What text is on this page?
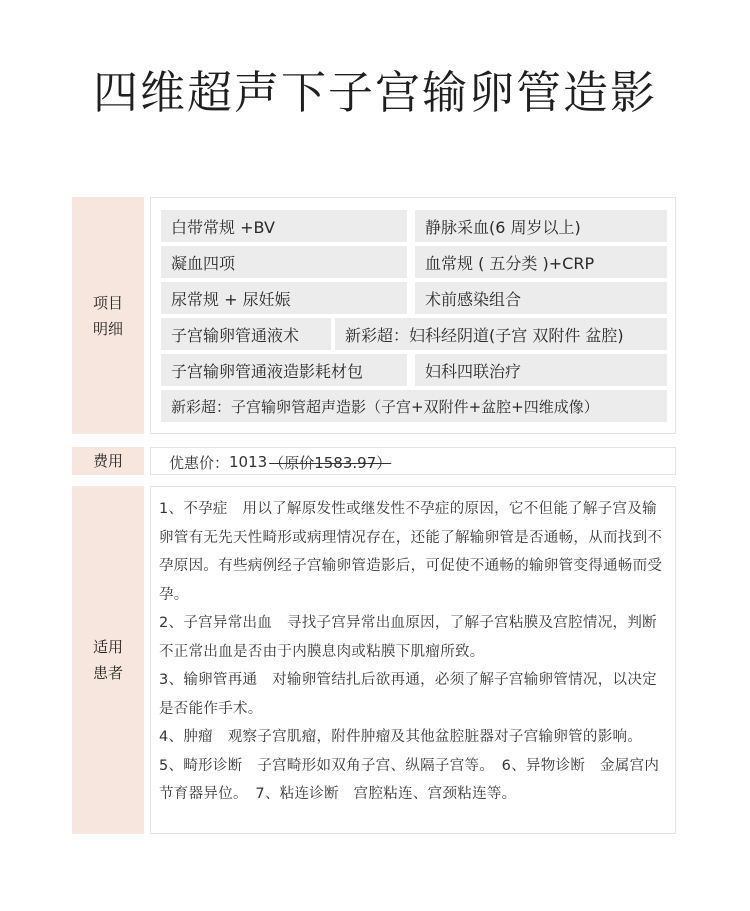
四维超声下子宫输卵管造影
项目
明细
白带常规 +BV	静脉采血(6 周岁以上)
凝血四项	血常规 ( 五分类 )+CRP
尿常规 + 尿妊娠	术前感染组合
子宫输卵管通液术	新彩超：妇科经阴道(子宫 双附件 盆腔)
子宫输卵管通液造影耗材包	妇科四联治疗
新彩超：子宫输卵管超声造影（子宫+双附件+盆腔+四维成像）
费用	优惠价： 1013 （原价1583.97）
适用
患者

1、不孕症　用以了解原发性或继发性不孕症的原因，它不但能了解子宫及输卵管有无先天性畸形或病理情况存在，还能了解输卵管是否通畅，从而找到不孕原因。有些病例经子宫输卵管造影后，可促使不通畅的输卵管变得通畅而受孕。

2、子宫异常出血　寻找子宫异常出血原因，了解子宫粘膜及宫腔情况，判断不正常出血是否由于内膜息肉或粘膜下肌瘤所致。

3、输卵管再通　对输卵管结扎后欲再通，必须了解子宫输卵管情况，以决定是否能作手术。

4、肿瘤　观察子宫肌瘤，附件肿瘤及其他盆腔脏器对子宫输卵管的影响。

5、畸形诊断　子宫畸形如双角子宫、纵隔子宫等。　6、异物诊断　金属宫内节育器异位。　7、粘连诊断　宫腔粘连、宫颈粘连等。
